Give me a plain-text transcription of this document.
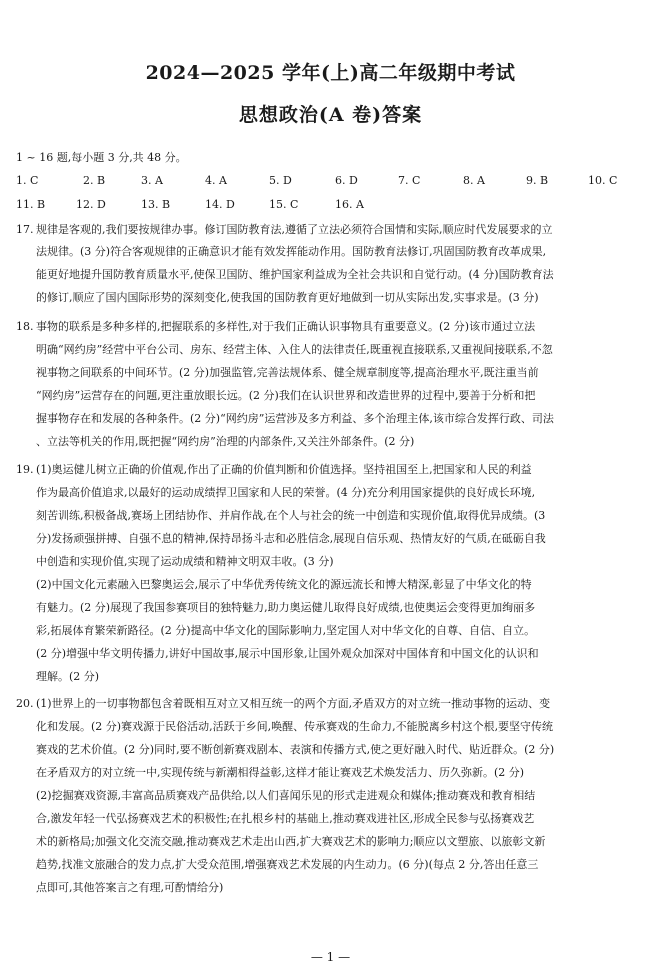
2024—2025 学年(上)高二年级期中考试
思想政治(A 卷)答案
1 ~ 16 题,每小题 3 分,共 48 分。
1. C	2. B	3. A	4. A	5. D	6. D	7. C	8. A	9. B	10. C
11. B	12. D	13. B	14. D	15. C	16. A
17. 规律是客观的,我们要按规律办事。修订国防教育法,遵循了立法必须符合国情和实际,顺应时代发展要求的立
法规律。(3 分)符合客观规律的正确意识才能有效发挥能动作用。国防教育法修订,巩固国防教育改革成果,
能更好地提升国防教育质量水平,使保卫国防、维护国家利益成为全社会共识和自觉行动。(4 分)国防教育法
的修订,顺应了国内国际形势的深刻变化,使我国的国防教育更好地做到一切从实际出发,实事求是。(3 分)
18. 事物的联系是多种多样的,把握联系的多样性,对于我们正确认识事物具有重要意义。(2 分)该市通过立法
明确“网约房”经营中平台公司、房东、经营主体、入住人的法律责任,既重视直接联系,又重视间接联系,不忽
视事物之间联系的中间环节。(2 分)加强监管,完善法规体系、健全规章制度等,提高治理水平,既注重当前
“网约房”运营存在的问题,更注重放眼长远。(2 分)我们在认识世界和改造世界的过程中,要善于分析和把
握事物存在和发展的各种条件。(2 分)“网约房”运营涉及多方利益、多个治理主体,该市综合发挥行政、司法
、立法等机关的作用,既把握“网约房”治理的内部条件,又关注外部条件。(2 分)
19. (1)奥运健儿树立正确的价值观,作出了正确的价值判断和价值选择。坚持祖国至上,把国家和人民的利益
作为最高价值追求,以最好的运动成绩捍卫国家和人民的荣誉。(4 分)充分利用国家提供的良好成长环境,
刻苦训练,积极备战,赛场上团结协作、并肩作战,在个人与社会的统一中创造和实现价值,取得优异成绩。(3
分)发扬顽强拼搏、自强不息的精神,保持昂扬斗志和必胜信念,展现自信乐观、热情友好的气质,在砥砺自我
中创造和实现价值,实现了运动成绩和精神文明双丰收。(3 分)
(2)中国文化元素融入巴黎奥运会,展示了中华优秀传统文化的源远流长和博大精深,彰显了中华文化的特
有魅力。(2 分)展现了我国参赛项目的独特魅力,助力奥运健儿取得良好成绩,也使奥运会变得更加绚丽多
彩,拓展体育繁荣新路径。(2 分)提高中华文化的国际影响力,坚定国人对中华文化的自尊、自信、自立。
(2 分)增强中华文明传播力,讲好中国故事,展示中国形象,让国外观众加深对中国体育和中国文化的认识和
理解。(2 分)
20. (1)世界上的一切事物都包含着既相互对立又相互统一的两个方面,矛盾双方的对立统一推动事物的运动、变
化和发展。(2 分)赛戏源于民俗活动,活跃于乡间,唤醒、传承赛戏的生命力,不能脱离乡村这个根,要坚守传统
赛戏的艺术价值。(2 分)同时,要不断创新赛戏剧本、表演和传播方式,使之更好融入时代、贴近群众。(2 分)
在矛盾双方的对立统一中,实现传统与新潮相得益彰,这样才能让赛戏艺术焕发活力、历久弥新。(2 分)
(2)挖掘赛戏资源,丰富高品质赛戏产品供给,以人们喜闻乐见的形式走进观众和媒体;推动赛戏和教育相结
合,激发年轻一代弘扬赛戏艺术的积极性;在扎根乡村的基础上,推动赛戏进社区,形成全民参与弘扬赛戏艺
术的新格局;加强文化交流交融,推动赛戏艺术走出山西,扩大赛戏艺术的影响力;顺应以文塑旅、以旅彰文新
趋势,找准文旅融合的发力点,扩大受众范围,增强赛戏艺术发展的内生动力。(6 分)(每点 2 分,答出任意三
点即可,其他答案言之有理,可酌情给分)
— 1 —
